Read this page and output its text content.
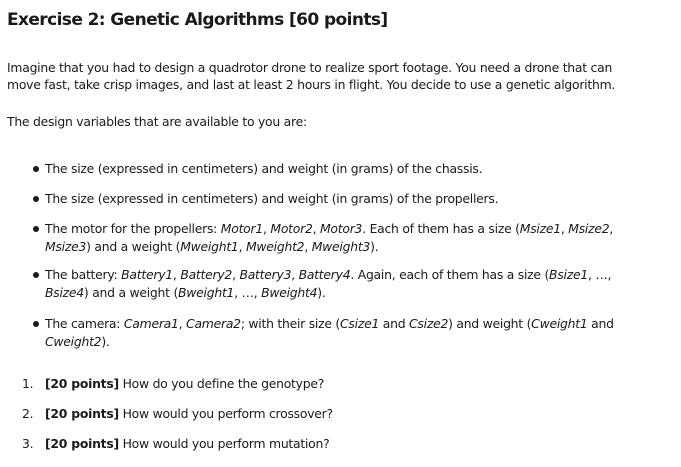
Exercise 2: Genetic Algorithms [60 points]

Imagine that you had to design a quadrotor drone to realize sport footage. You need a drone that can move fast, take crisp images, and last at least 2 hours in flight. You decide to use a genetic algorithm.

The design variables that are available to you are:

The size (expressed in centimeters) and weight (in grams) of the chassis.
The size (expressed in centimeters) and weight (in grams) of the propellers.
The motor for the propellers: Motor1, Motor2, Motor3. Each of them has a size (Msize1, Msize2, Msize3) and a weight (Mweight1, Mweight2, Mweight3).
The battery: Battery1, Battery2, Battery3, Battery4. Again, each of them has a size (Bsize1, …, Bsize4) and a weight (Bweight1, …, Bweight4).
The camera: Camera1, Camera2; with their size (Csize1 and Csize2) and weight (Cweight1 and Cweight2).
1. [20 points] How do you define the genotype?
2. [20 points] How would you perform crossover?
3. [20 points] How would you perform mutation?
